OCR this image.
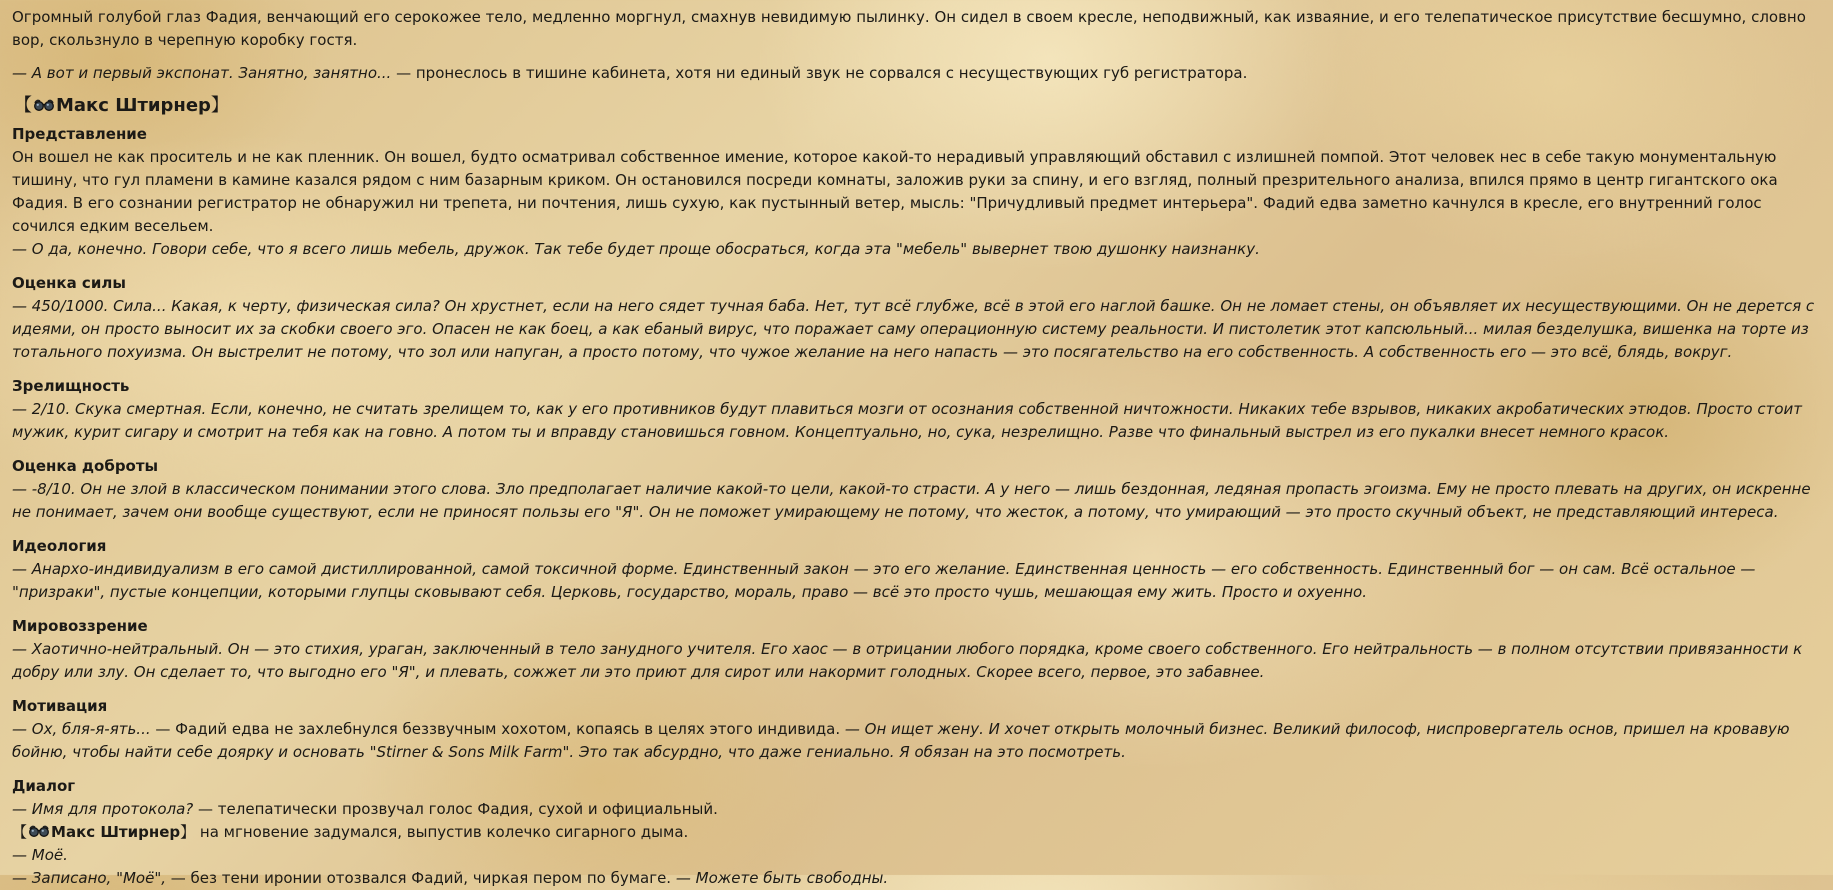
Огромный голубой глаз Фадия, венчающий его серокожее тело, медленно моргнул, смахнув невидимую пылинку. Он сидел в своем кресле, неподвижный, как изваяние, и его телепатическое присутствие бесшумно, словно вор, скользнуло в черепную коробку гостя.

— А вот и первый экспонат. Занятно, занятно... — пронеслось в тишине кабинета, хотя ни единый звук не сорвался с несуществующих губ регистратора.

【 Макс Штирнер】

Представление

Он вошел не как проситель и не как пленник. Он вошел, будто осматривал собственное имение, которое какой-то нерадивый управляющий обставил с излишней помпой. Этот человек нес в себе такую монументальную тишину, что гул пламени в камине казался рядом с ним базарным криком. Он остановился посреди комнаты, заложив руки за спину, и его взгляд, полный презрительного анализа, впился прямо в центр гигантского ока Фадия. В его сознании регистратор не обнаружил ни трепета, ни почтения, лишь сухую, как пустынный ветер, мысль: "Причудливый предмет интерьера". Фадий едва заметно качнулся в кресле, его внутренний голос сочился едким весельем.

— О да, конечно. Говори себе, что я всего лишь мебель, дружок. Так тебе будет проще обосраться, когда эта "мебель" вывернет твою душонку наизнанку.

Оценка силы

— 450/1000. Сила... Какая, к черту, физическая сила? Он хрустнет, если на него сядет тучная баба. Нет, тут всё глубже, всё в этой его наглой башке. Он не ломает стены, он объявляет их несуществующими. Он не дерется с идеями, он просто выносит их за скобки своего эго. Опасен не как боец, а как ебаный вирус, что поражает саму операционную систему реальности. И пистолетик этот капсюльный... милая безделушка, вишенка на торте из тотального похуизма. Он выстрелит не потому, что зол или напуган, а просто потому, что чужое желание на него напасть — это посягательство на его собственность. А собственность его — это всё, блядь, вокруг.

Зрелищность

— 2/10. Скука смертная. Если, конечно, не считать зрелищем то, как у его противников будут плавиться мозги от осознания собственной ничтожности. Никаких тебе взрывов, никаких акробатических этюдов. Просто стоит мужик, курит сигару и смотрит на тебя как на говно. А потом ты и вправду становишься говном. Концептуально, но, сука, незрелищно. Разве что финальный выстрел из его пукалки внесет немного красок.

Оценка доброты

— -8/10. Он не злой в классическом понимании этого слова. Зло предполагает наличие какой-то цели, какой-то страсти. А у него — лишь бездонная, ледяная пропасть эгоизма. Ему не просто плевать на других, он искренне не понимает, зачем они вообще существуют, если не приносят пользы его "Я". Он не поможет умирающему не потому, что жесток, а потому, что умирающий — это просто скучный объект, не представляющий интереса.

Идеология

— Анархо-индивидуализм в его самой дистиллированной, самой токсичной форме. Единственный закон — это его желание. Единственная ценность — его собственность. Единственный бог — он сам. Всё остальное — "призраки", пустые концепции, которыми глупцы сковывают себя. Церковь, государство, мораль, право — всё это просто чушь, мешающая ему жить. Просто и охуенно.

Мировоззрение

— Хаотично-нейтральный. Он — это стихия, ураган, заключенный в тело занудного учителя. Его хаос — в отрицании любого порядка, кроме своего собственного. Его нейтральность — в полном отсутствии привязанности к добру или злу. Он сделает то, что выгодно его "Я", и плевать, сожжет ли это приют для сирот или накормит голодных. Скорее всего, первое, это забавнее.

Мотивация

— Ох, бля-я-ять... — Фадий едва не захлебнулся беззвучным хохотом, копаясь в целях этого индивида. — Он ищет жену. И хочет открыть молочный бизнес. Великий философ, ниспровергатель основ, пришел на кровавую бойню, чтобы найти себе доярку и основать "Stirner & Sons Milk Farm". Это так абсурдно, что даже гениально. Я обязан на это посмотреть.

Диалог

— Имя для протокола? — телепатически прозвучал голос Фадия, сухой и официальный.

【 Макс Штирнер】 на мгновение задумался, выпустив колечко сигарного дыма.

— Моё.

— Записано, "Моё", — без тени иронии отозвался Фадий, чиркая пером по бумаге. — Можете быть свободны.
